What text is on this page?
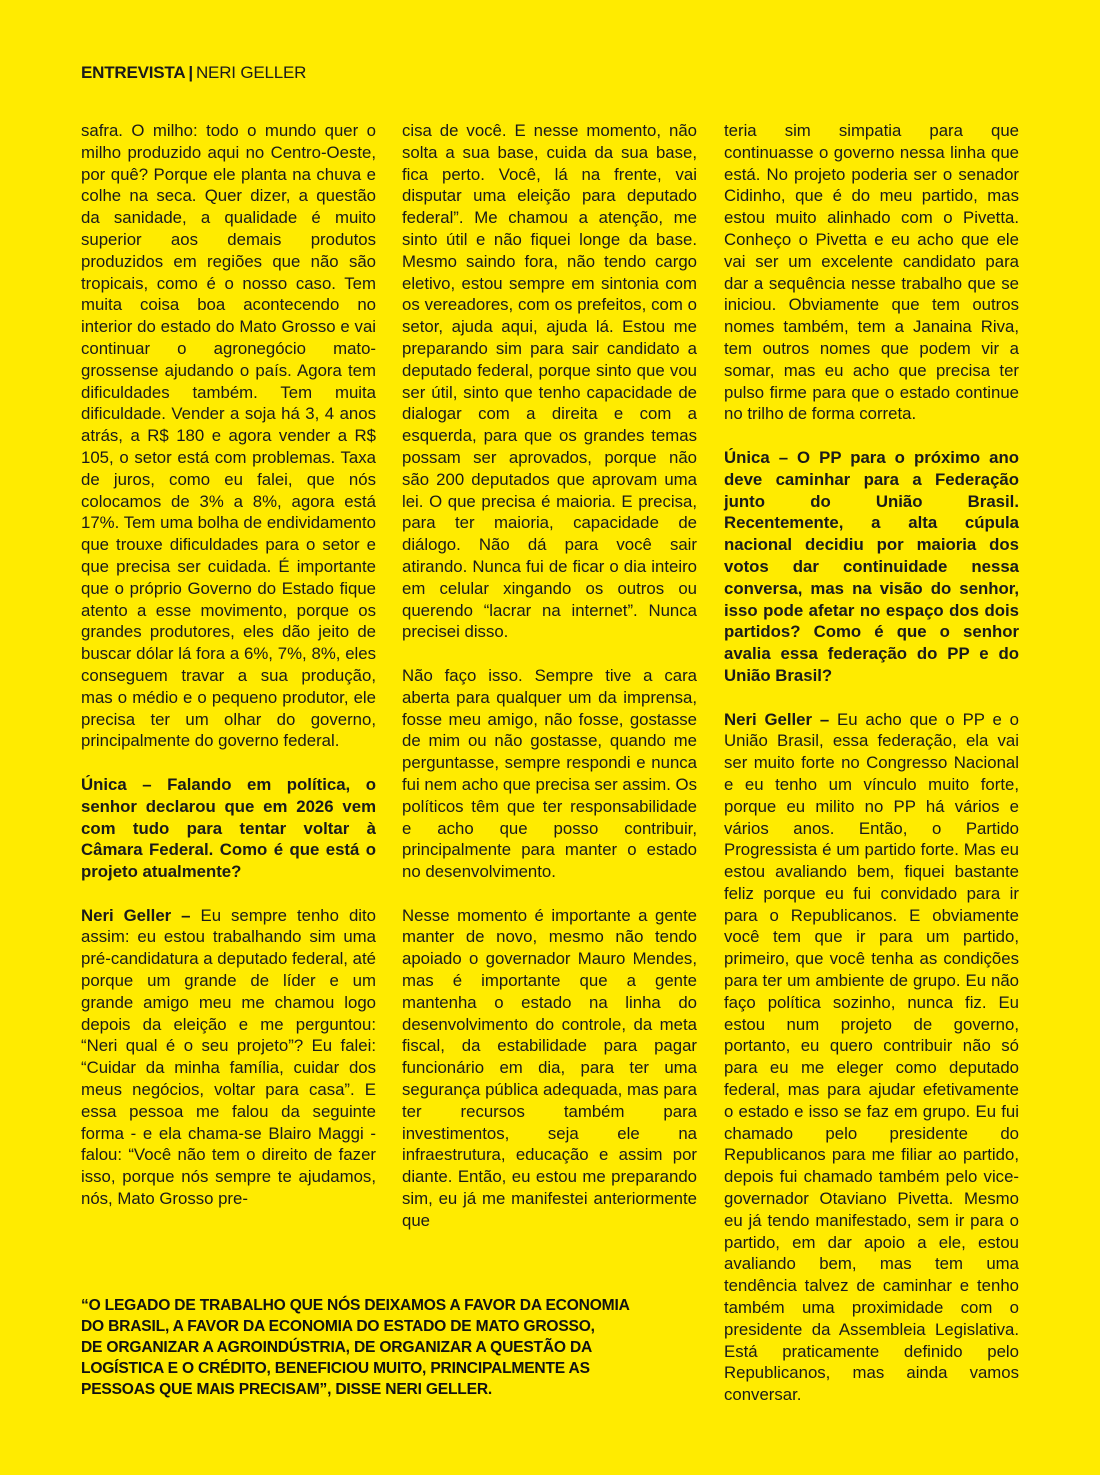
ENTREVISTA | NERI GELLER

safra. O milho: todo o mundo quer o milho produzido aqui no Centro-Oeste, por quê? Porque ele planta na chuva e colhe na seca. Quer dizer, a questão da sanidade, a qualidade é muito superior aos demais produtos produzidos em regiões que não são tropicais, como é o nosso caso. Tem muita coisa boa acontecendo no interior do estado do Mato Grosso e vai continuar o agronegócio mato-grossense ajudando o país. Agora tem dificuldades também. Tem muita dificuldade. Vender a soja há 3, 4 anos atrás, a R$ 180 e agora vender a R$ 105, o setor está com problemas. Taxa de juros, como eu falei, que nós colocamos de 3% a 8%, agora está 17%. Tem uma bolha de endividamento que trouxe dificuldades para o setor e que precisa ser cuidada. É importante que o próprio Governo do Estado fique atento a esse movimento, porque os grandes produtores, eles dão jeito de buscar dólar lá fora a 6%, 7%, 8%, eles conseguem travar a sua produção, mas o médio e o pequeno produtor, ele precisa ter um olhar do governo, principalmente do governo federal.

Única – Falando em política, o senhor declarou que em 2026 vem com tudo para tentar voltar à Câmara Federal. Como é que está o projeto atualmente?

Neri Geller – Eu sempre tenho dito assim: eu estou trabalhando sim uma pré-candidatura a deputado federal, até porque um grande de líder e um grande amigo meu me chamou logo depois da eleição e me perguntou: “Neri qual é o seu projeto”? Eu falei: “Cuidar da minha família, cuidar dos meus negócios, voltar para casa”. E essa pessoa me falou da seguinte forma - e ela chama-se Blairo Maggi - falou: “Você não tem o direito de fazer isso, porque nós sempre te ajudamos, nós, Mato Grosso pre-

cisa de você. E nesse momento, não solta a sua base, cuida da sua base, fica perto. Você, lá na frente, vai disputar uma eleição para deputado federal”. Me chamou a atenção, me sinto útil e não fiquei longe da base. Mesmo saindo fora, não tendo cargo eletivo, estou sempre em sintonia com os vereadores, com os prefeitos, com o setor, ajuda aqui, ajuda lá. Estou me preparando sim para sair candidato a deputado federal, porque sinto que vou ser útil, sinto que tenho capacidade de dialogar com a direita e com a esquerda, para que os grandes temas possam ser aprovados, porque não são 200 deputados que aprovam uma lei. O que precisa é maioria. E precisa, para ter maioria, capacidade de diálogo. Não dá para você sair atirando. Nunca fui de ficar o dia inteiro em celular xingando os outros ou querendo “lacrar na internet”. Nunca precisei disso.

Não faço isso. Sempre tive a cara aberta para qualquer um da imprensa, fosse meu amigo, não fosse, gostasse de mim ou não gostasse, quando me perguntasse, sempre respondi e nunca fui nem acho que precisa ser assim. Os políticos têm que ter responsabilidade e acho que posso contribuir, principalmente para manter o estado no desenvolvimento.

Nesse momento é importante a gente manter de novo, mesmo não tendo apoiado o governador Mauro Mendes, mas é importante que a gente mantenha o estado na linha do desenvolvimento do controle, da meta fiscal, da estabilidade para pagar funcionário em dia, para ter uma segurança pública adequada, mas para ter recursos também para investimentos, seja ele na infraestrutura, educação e assim por diante. Então, eu estou me preparando sim, eu já me manifestei anteriormente que

teria sim simpatia para que continuasse o governo nessa linha que está. No projeto poderia ser o senador Cidinho, que é do meu partido, mas estou muito alinhado com o Pivetta. Conheço o Pivetta e eu acho que ele vai ser um excelente candidato para dar a sequência nesse trabalho que se iniciou. Obviamente que tem outros nomes também, tem a Janaina Riva, tem outros nomes que podem vir a somar, mas eu acho que precisa ter pulso firme para que o estado continue no trilho de forma correta.

Única – O PP para o próximo ano deve caminhar para a Federação junto do União Brasil. Recentemente, a alta cúpula nacional decidiu por maioria dos votos dar continuidade nessa conversa, mas na visão do senhor, isso pode afetar no espaço dos dois partidos? Como é que o senhor avalia essa federação do PP e do União Brasil?

Neri Geller – Eu acho que o PP e o União Brasil, essa federação, ela vai ser muito forte no Congresso Nacional e eu tenho um vínculo muito forte, porque eu milito no PP há vários e vários anos. Então, o Partido Progressista é um partido forte. Mas eu estou avaliando bem, fiquei bastante feliz porque eu fui convidado para ir para o Republicanos. E obviamente você tem que ir para um partido, primeiro, que você tenha as condições para ter um ambiente de grupo. Eu não faço política sozinho, nunca fiz. Eu estou num projeto de governo, portanto, eu quero contribuir não só para eu me eleger como deputado federal, mas para ajudar efetivamente o estado e isso se faz em grupo. Eu fui chamado pelo presidente do Republicanos para me filiar ao partido, depois fui chamado também pelo vice-governador Otaviano Pivetta. Mesmo eu já tendo manifestado, sem ir para o partido, em dar apoio a ele, estou avaliando bem, mas tem uma tendência talvez de caminhar e tenho também uma proximidade com o presidente da Assembleia Legislativa. Está praticamente definido pelo Republicanos, mas ainda vamos conversar.

“O LEGADO DE TRABALHO QUE NÓS DEIXAMOS A FAVOR DA ECONOMIA
DO BRASIL, A FAVOR DA ECONOMIA DO ESTADO DE MATO GROSSO,
DE ORGANIZAR A AGROINDÚSTRIA, DE ORGANIZAR A QUESTÃO DA
LOGÍSTICA E O CRÉDITO, BENEFICIOU MUITO, PRINCIPALMENTE AS
PESSOAS QUE MAIS PRECISAM”, DISSE NERI GELLER.
